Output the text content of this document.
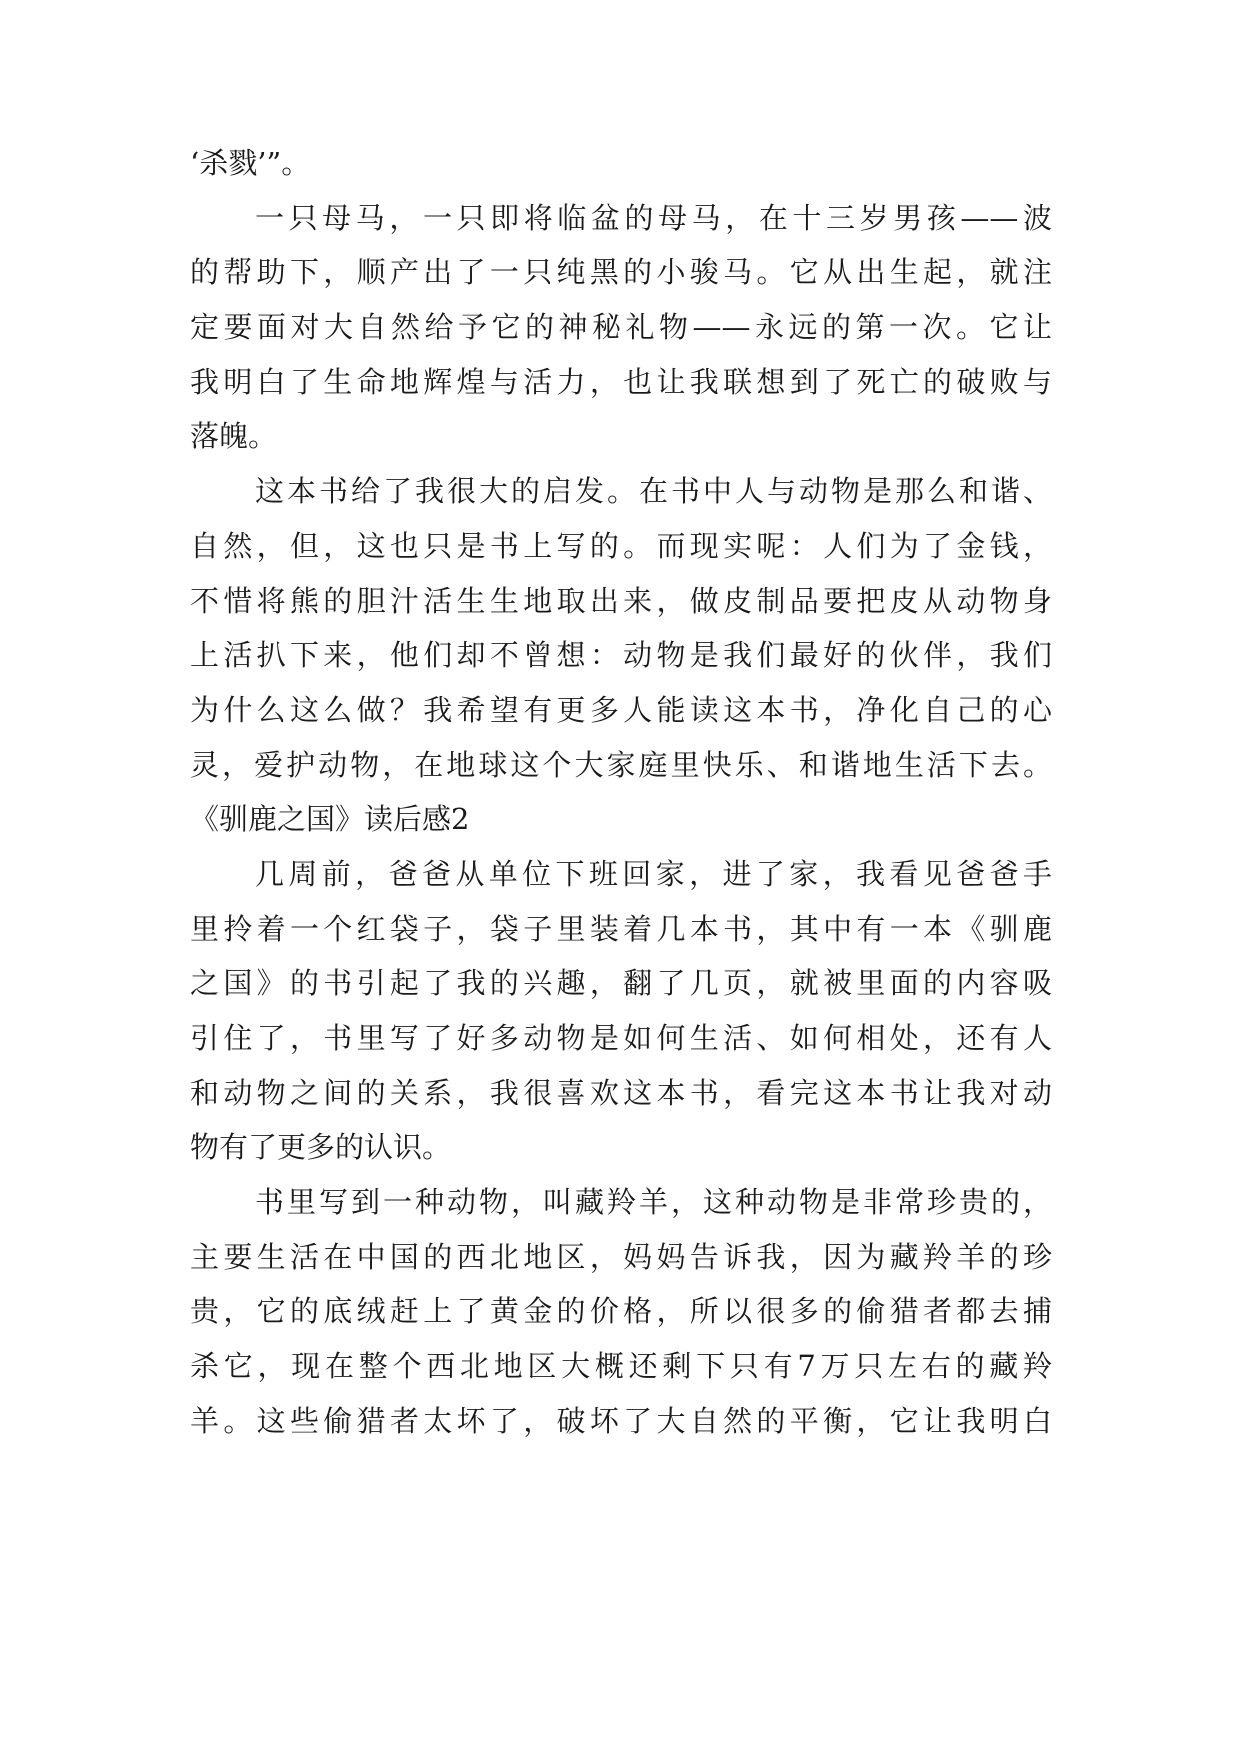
‘杀戮’”。
一只母马，一只即将临盆的母马，在十三岁男孩——波
的帮助下，顺产出了一只纯黑的小骏马。它从出生起，就注
定要面对大自然给予它的神秘礼物——永远的第一次。它让
我明白了生命地辉煌与活力，也让我联想到了死亡的破败与
落魄。
这本书给了我很大的启发。在书中人与动物是那么和谐、
自然，但，这也只是书上写的。而现实呢：人们为了金钱，
不惜将熊的胆汁活生生地取出来，做皮制品要把皮从动物身
上活扒下来，他们却不曾想：动物是我们最好的伙伴，我们
为什么这么做？我希望有更多人能读这本书，净化自己的心
灵，爱护动物，在地球这个大家庭里快乐、和谐地生活下去。
《驯鹿之国》读后感2
几周前，爸爸从单位下班回家，进了家，我看见爸爸手
里拎着一个红袋子，袋子里装着几本书，其中有一本《驯鹿
之国》的书引起了我的兴趣，翻了几页，就被里面的内容吸
引住了，书里写了好多动物是如何生活、如何相处，还有人
和动物之间的关系，我很喜欢这本书，看完这本书让我对动
物有了更多的认识。
书里写到一种动物，叫藏羚羊，这种动物是非常珍贵的，
主要生活在中国的西北地区，妈妈告诉我，因为藏羚羊的珍
贵，它的底绒赶上了黄金的价格，所以很多的偷猎者都去捕
杀它，现在整个西北地区大概还剩下只有7万只左右的藏羚
羊。这些偷猎者太坏了，破坏了大自然的平衡，它让我明白
